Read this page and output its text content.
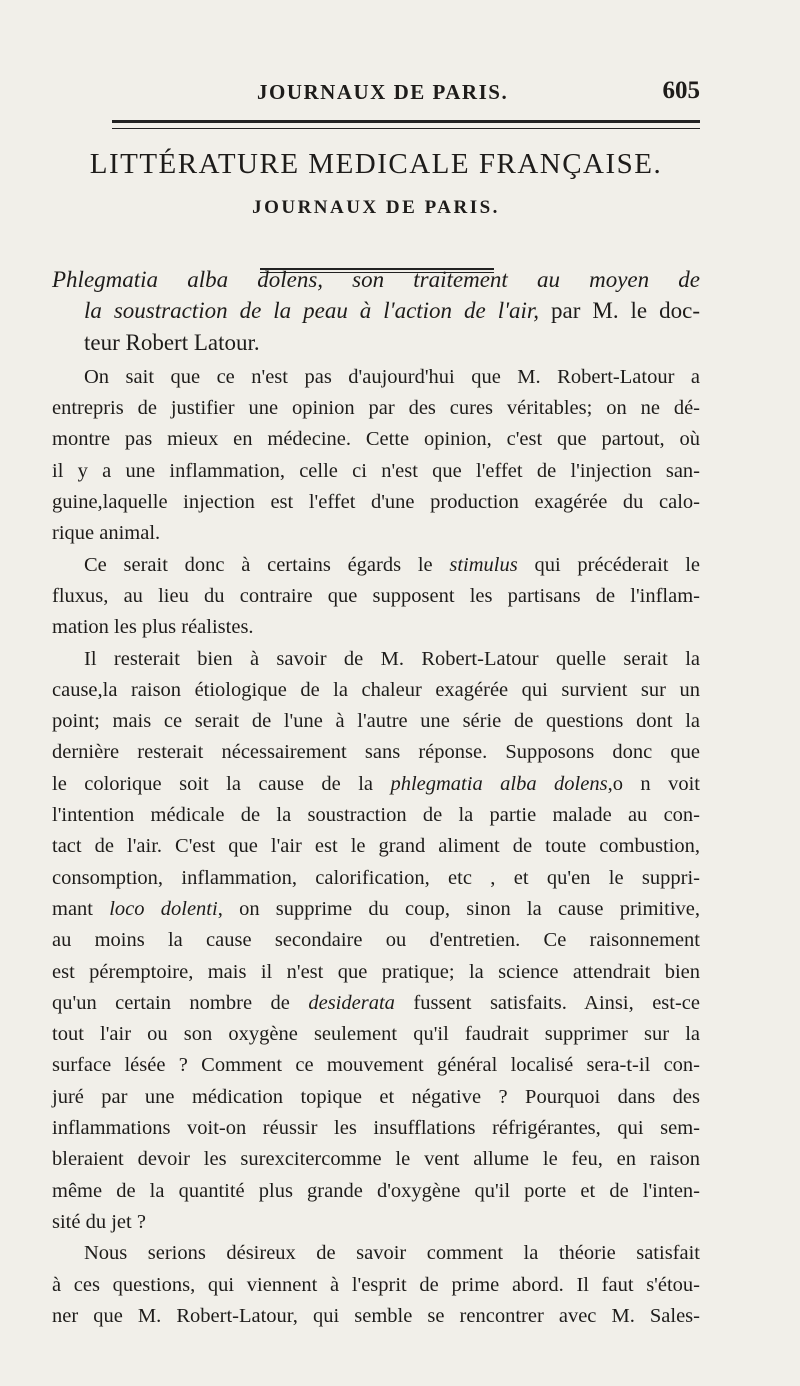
JOURNAUX DE PARIS.	605
LITTÉRATURE MEDICALE FRANÇAISE.
JOURNAUX DE PARIS.
Phlegmatia alba dolens, son traitement au moyen de
la soustraction de la peau à l'action de l'air, par M. le doc-
teur Robert Latour.
On sait que ce n'est pas d'aujourd'hui que M. Robert-Latour a
entrepris de justifier une opinion par des cures véritables; on ne dé-
montre pas mieux en médecine. Cette opinion, c'est que partout, où
il y a une inflammation, celle ci n'est que l'effet de l'injection san-
guine,laquelle injection est l'effet d'une production exagérée du calo-
rique animal.
Ce serait donc à certains égards le stimulus qui précéderait le
fluxus, au lieu du contraire que supposent les partisans de l'inflam-
mation les plus réalistes.
Il resterait bien à savoir de M. Robert-Latour quelle serait la
cause,la raison étiologique de la chaleur exagérée qui survient sur un
point; mais ce serait de l'une à l'autre une série de questions dont la
dernière resterait nécessairement sans réponse. Supposons donc que
le colorique soit la cause de la phlegmatia alba dolens,o n voit
l'intention médicale de la soustraction de la partie malade au con-
tact de l'air. C'est que l'air est le grand aliment de toute combustion,
consomption, inflammation, calorification, etc , et qu'en le suppri-
mant loco dolenti, on supprime du coup, sinon la cause primitive,
au moins la cause secondaire ou d'entretien. Ce raisonnement
est péremptoire, mais il n'est que pratique; la science attendrait bien
qu'un certain nombre de desiderata fussent satisfaits. Ainsi, est-ce
tout l'air ou son oxygène seulement qu'il faudrait supprimer sur la
surface lésée ? Comment ce mouvement général localisé sera-t-il con-
juré par une médication topique et négative ? Pourquoi dans des
inflammations voit-on réussir les insufflations réfrigérantes, qui sem-
bleraient devoir les surexcitercomme le vent allume le feu, en raison
même de la quantité plus grande d'oxygène qu'il porte et de l'inten-
sité du jet ?
Nous serions désireux de savoir comment la théorie satisfait
à ces questions, qui viennent à l'esprit de prime abord. Il faut s'étou-
ner que M. Robert-Latour, qui semble se rencontrer avec M. Sales-
